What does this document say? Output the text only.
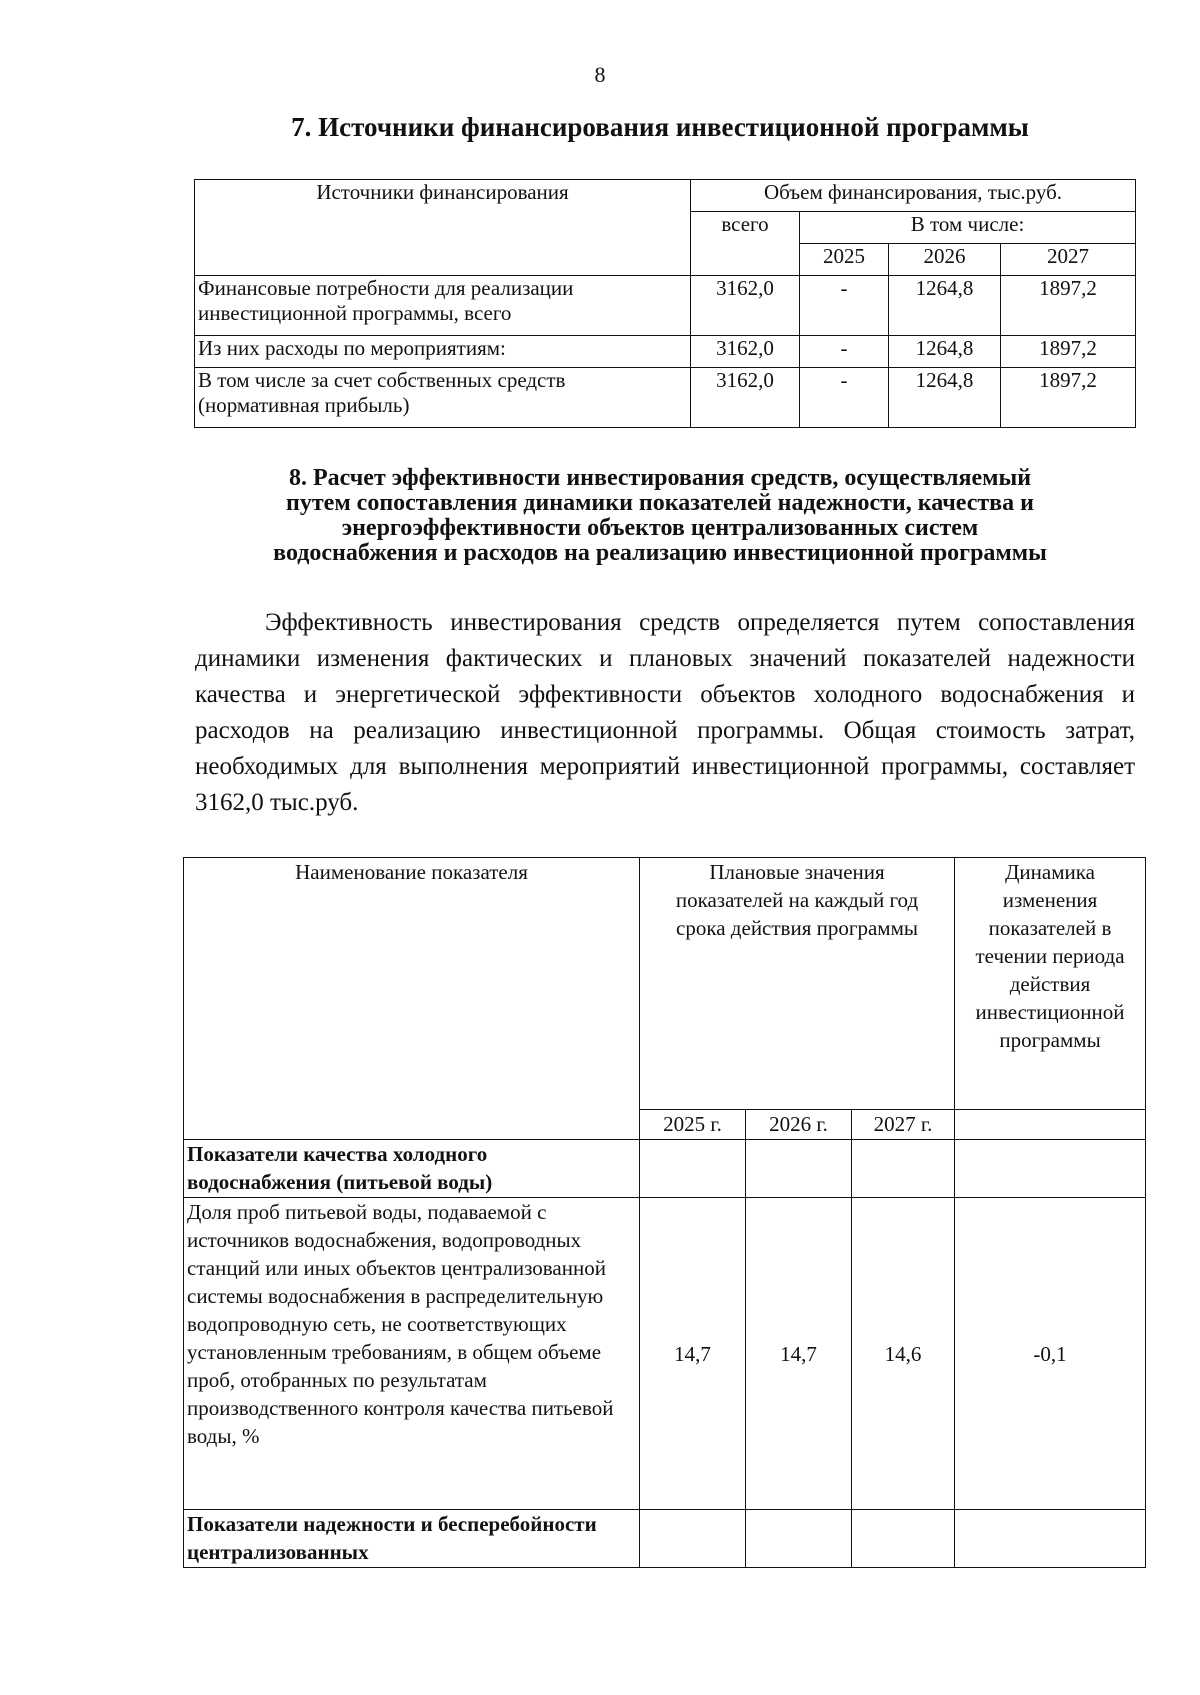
8
7. Источники финансирования инвестиционной программы
Источники финансирования	Объем финансирования, тыс.руб.			
	всего	В том числе:		
		2025	2026	2027
Финансовые потребности для реализации инвестиционной программы, всего	3162,0	-	1264,8	1897,2
Из них расходы по мероприятиям:	3162,0	-	1264,8	1897,2
В том числе за счет собственных средств (нормативная прибыль)	3162,0	-	1264,8	1897,2
8. Расчет эффективности инвестирования средств, осуществляемый
путем сопоставления динамики показателей надежности, качества и
энергоэффективности объектов централизованных систем
водоснабжения и расходов на реализацию инвестиционной программы
Эффективность инвестирования средств определяется путем сопоставления динамики изменения фактических и плановых значений показателей надежности качества и энергетической эффективности объектов холодного водоснабжения и расходов на реализацию инвестиционной программы. Общая стоимость затрат, необходимых для выполнения мероприятий инвестиционной программы, составляет 3162,0 тыс.руб.
Наименование показателя	Плановые значения показателей на каждый год срока действия программы			Динамика изменения показателей в течении периода действия инвестиционной программы
	2025 г.	2026 г.	2027 г.	
Показатели качества холодного водоснабжения (питьевой воды)				
Доля проб питьевой воды, подаваемой с источников водоснабжения, водопроводных станций или иных объектов централизованной системы водоснабжения в распределительную водопроводную сеть, не соответствующих установленным требованиям, в общем объеме проб, отобранных по результатам производственного контроля качества питьевой воды, %	14,7	14,7	14,6	-0,1
Показатели надежности и бесперебойности централизованных				
